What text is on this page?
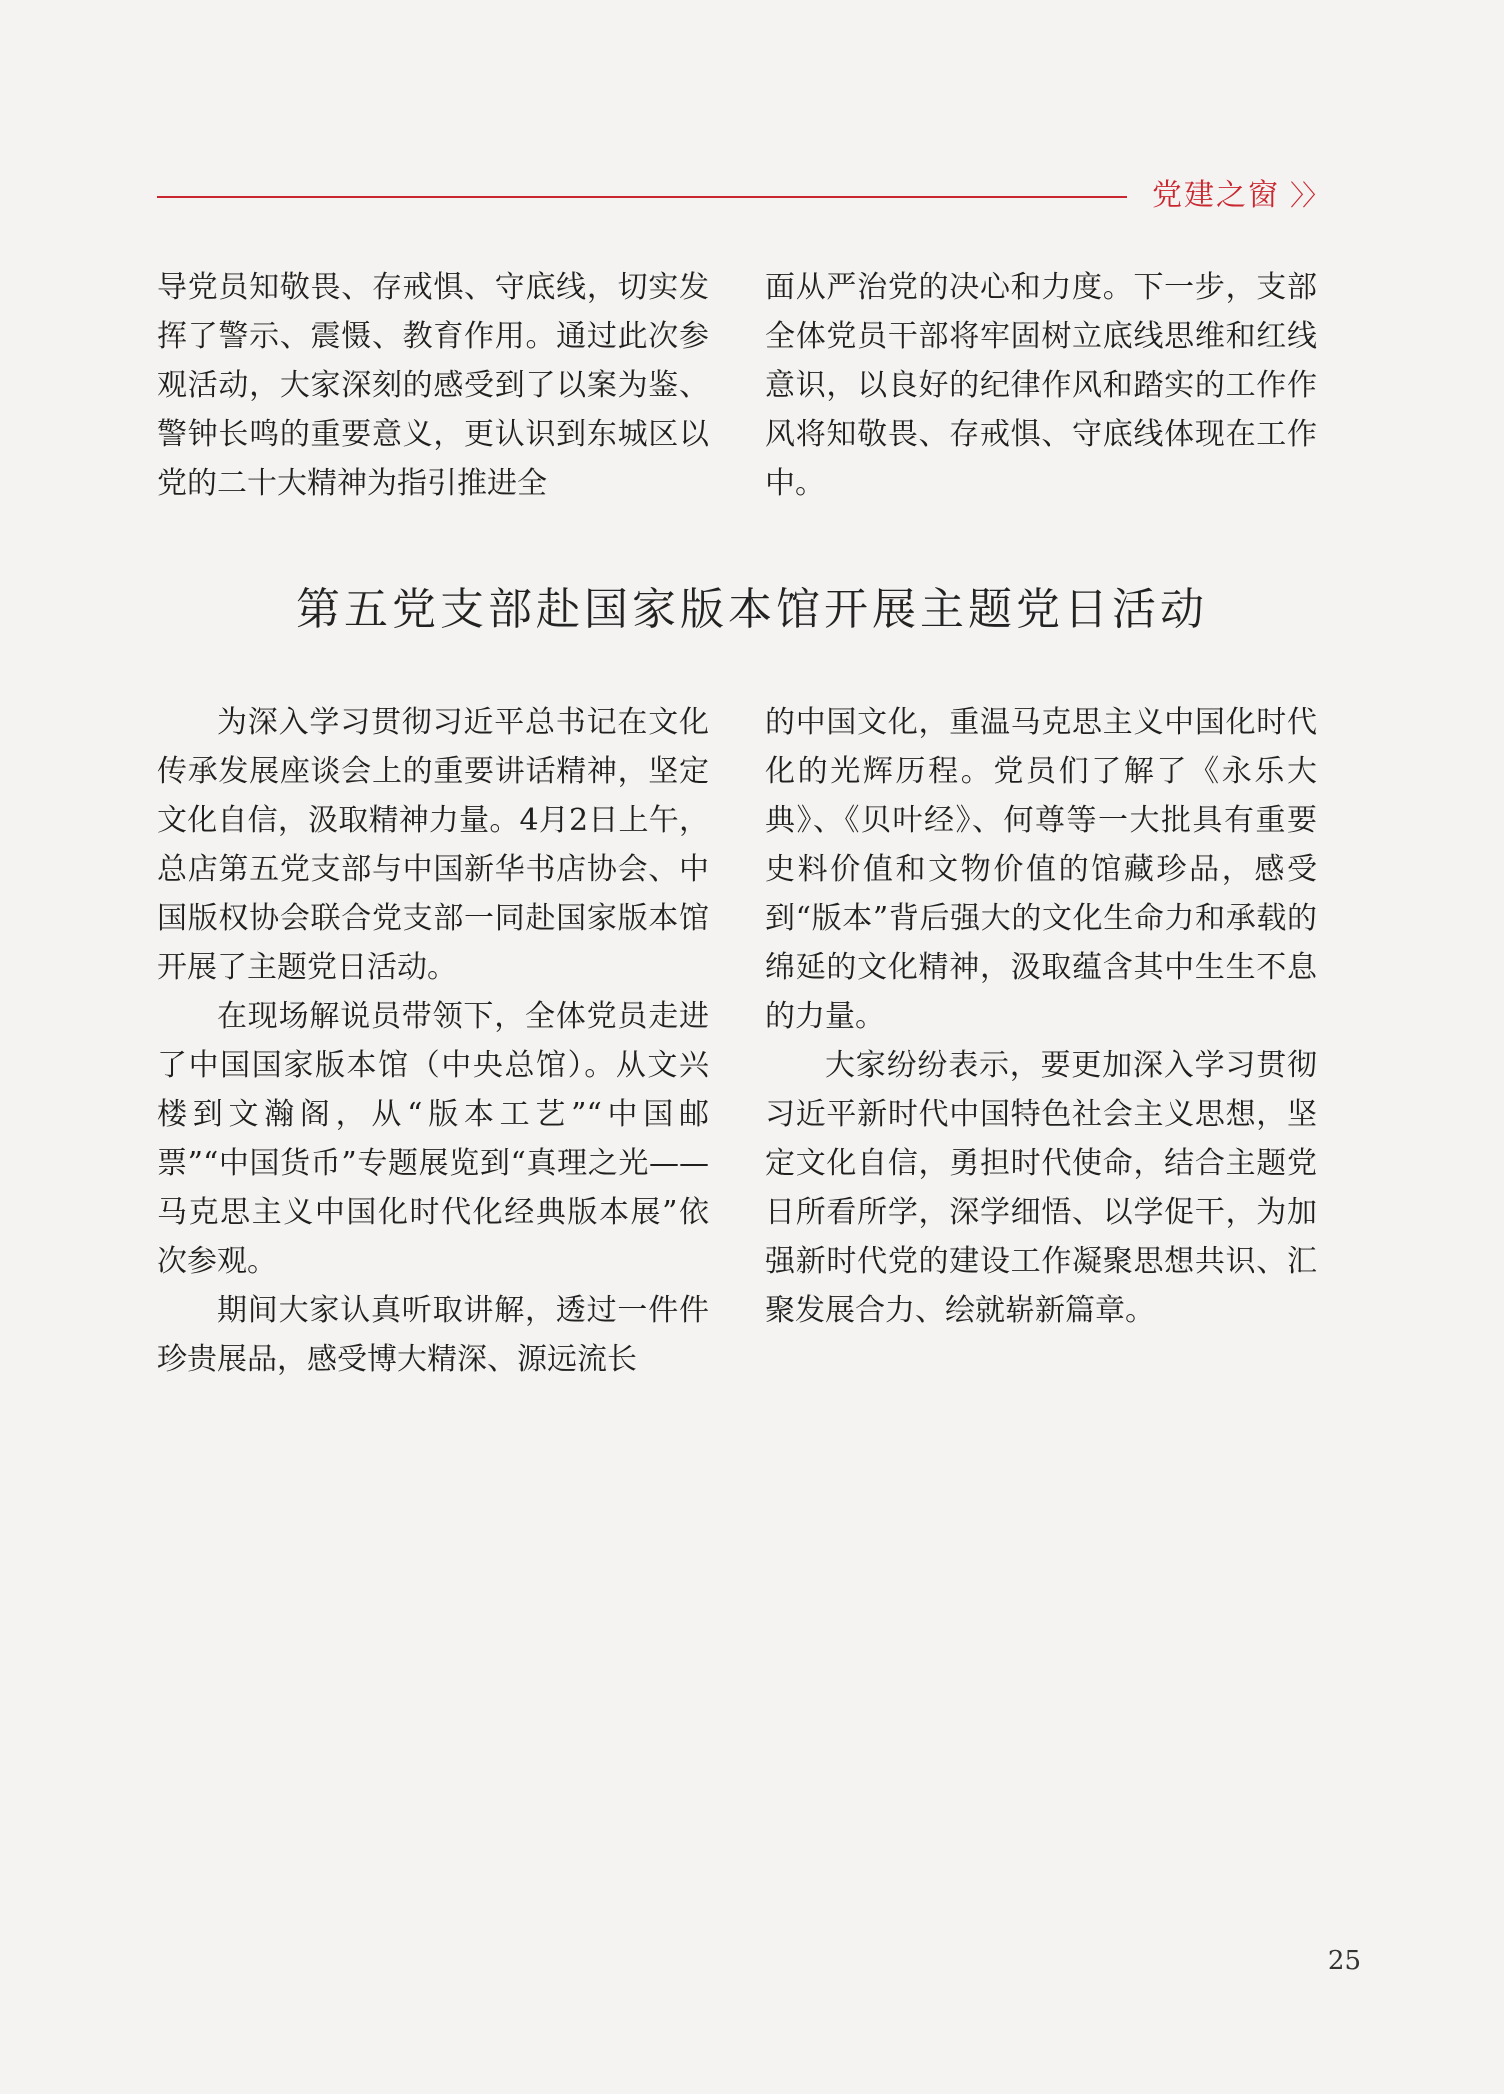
党建之窗 〉〉

导党员知敬畏、存戒惧、守底线，切实发挥了警示、震慑、教育作用。通过此次参观活动，大家深刻的感受到了以案为鉴、警钟长鸣的重要意义，更认识到东城区以党的二十大精神为指引推进全

面从严治党的决心和力度。下一步，支部全体党员干部将牢固树立底线思维和红线意识，以良好的纪律作风和踏实的工作作风将知敬畏、存戒惧、守底线体现在工作中。

第五党支部赴国家版本馆开展主题党日活动

为深入学习贯彻习近平总书记在文化传承发展座谈会上的重要讲话精神，坚定文化自信，汲取精神力量。4月2日上午，总店第五党支部与中国新华书店协会、中国版权协会联合党支部一同赴国家版本馆开展了主题党日活动。

在现场解说员带领下，全体党员走进了中国国家版本馆（中央总馆）。从文兴楼到文瀚阁，从“版本工艺”“中国邮票”“中国货币”专题展览到“真理之光——马克思主义中国化时代化经典版本展”依次参观。

期间大家认真听取讲解，透过一件件珍贵展品，感受博大精深、源远流长

的中国文化，重温马克思主义中国化时代化的光辉历程。党员们了解了《永乐大典》、《贝叶经》、何尊等一大批具有重要史料价值和文物价值的馆藏珍品，感受到“版本”背后强大的文化生命力和承载的绵延的文化精神，汲取蕴含其中生生不息的力量。

大家纷纷表示，要更加深入学习贯彻习近平新时代中国特色社会主义思想，坚定文化自信，勇担时代使命，结合主题党日所看所学，深学细悟、以学促干，为加强新时代党的建设工作凝聚思想共识、汇聚发展合力、绘就崭新篇章。

25
